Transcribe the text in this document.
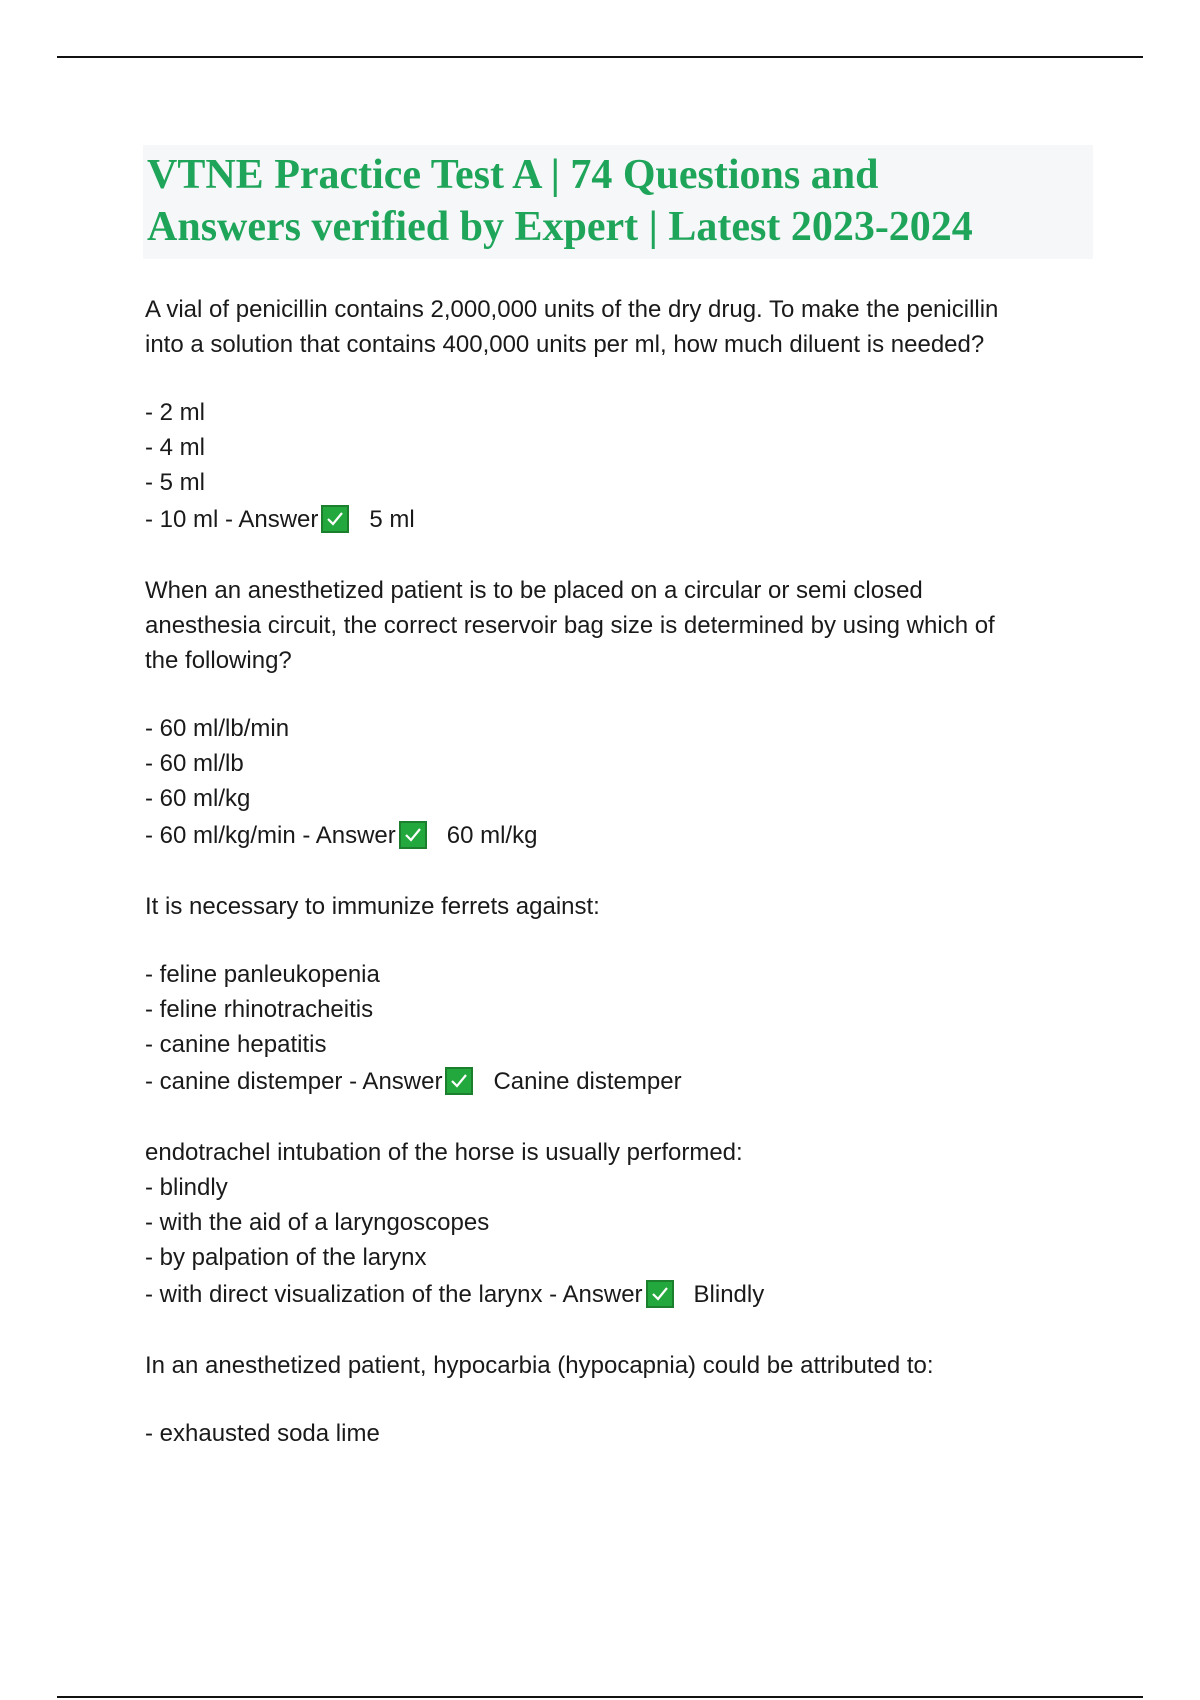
VTNE Practice Test A | 74 Questions and
Answers verified by Expert | Latest 2023-2024
A vial of penicillin contains 2,000,000 units of the dry drug. To make the penicillin
into a solution that contains 400,000 units per ml, how much diluent is needed?
- 2 ml
- 4 ml
- 5 ml
- 10 ml - Answer 5 ml
When an anesthetized patient is to be placed on a circular or semi closed
anesthesia circuit, the correct reservoir bag size is determined by using which of
the following?
- 60 ml/lb/min
- 60 ml/lb
- 60 ml/kg
- 60 ml/kg/min - Answer 60 ml/kg
It is necessary to immunize ferrets against:
- feline panleukopenia
- feline rhinotracheitis
- canine hepatitis
- canine distemper - Answer Canine distemper
endotrachel intubation of the horse is usually performed:
- blindly
- with the aid of a laryngoscopes
- by palpation of the larynx
- with direct visualization of the larynx - Answer Blindly
In an anesthetized patient, hypocarbia (hypocapnia) could be attributed to:
- exhausted soda lime
